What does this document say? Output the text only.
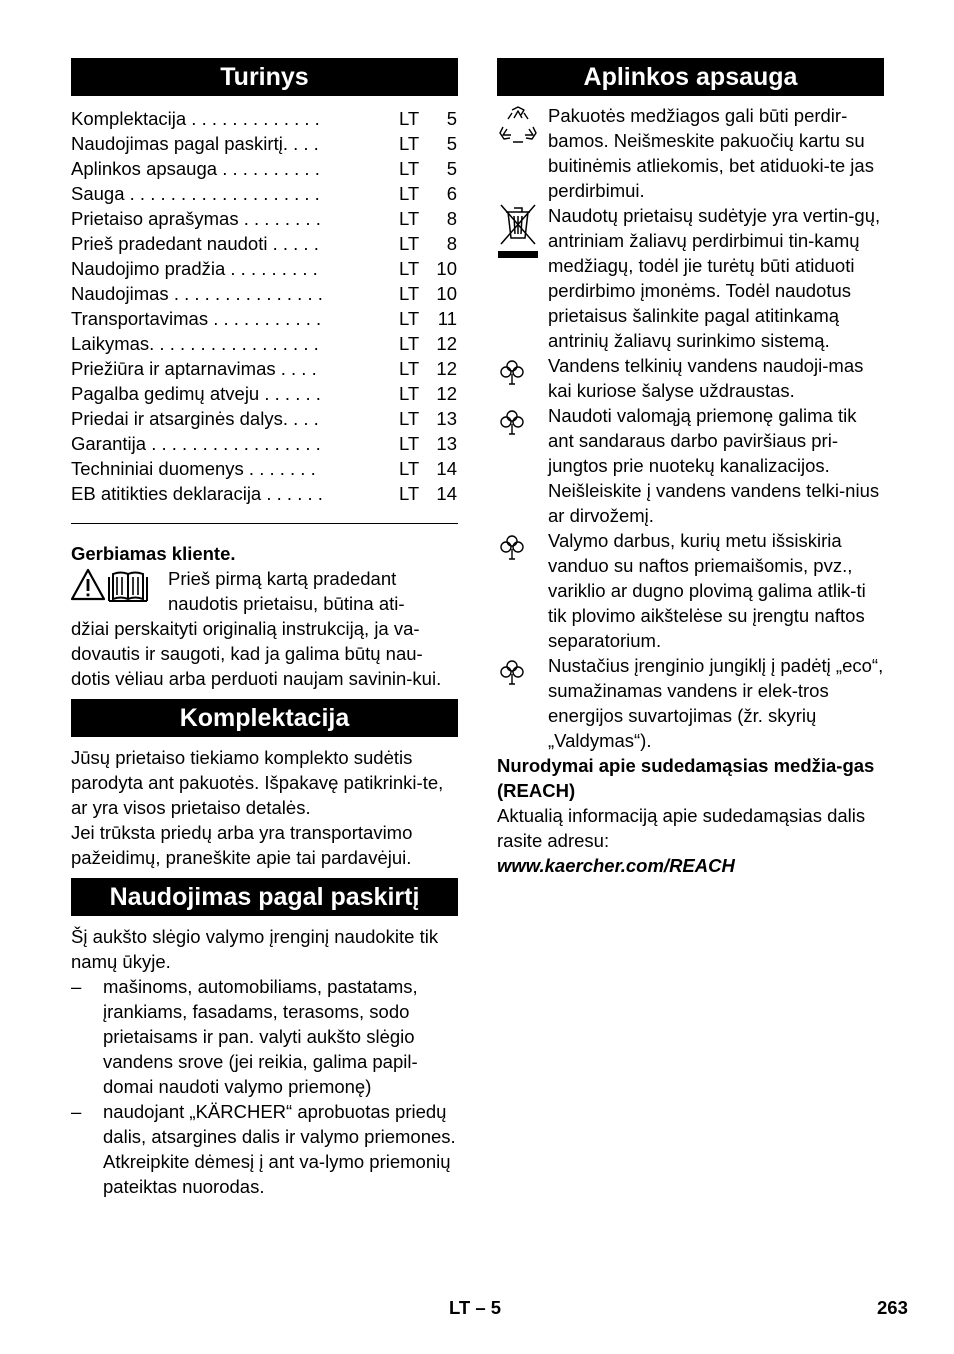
Turinys
Komplektacija . . . . . . . . . . . . .	LT	5
Naudojimas pagal paskirtį. . . .	LT	5
Aplinkos apsauga . . . . . . . . . .	LT	5
Sauga . . . . . . . . . . . . . . . . . . .	LT	6
Prietaiso aprašymas . . . . . . . .	LT	8
Prieš pradedant naudoti . . . . .	LT	8
Naudojimo pradžia . . . . . . . . .	LT 10
Naudojimas . . . . . . . . . . . . . . .	LT 10
Transportavimas . . . . . . . . . . .	LT	11
Laikymas. . . . . . . . . . . . . . . . .	LT 12
Priežiūra ir aptarnavimas . . . .	LT 12
Pagalba gedimų atveju . . . . . .	LT 12
Priedai ir atsarginės dalys. . . .	LT 13
Garantija . . . . . . . . . . . . . . . . .	LT 13
Techniniai duomenys . . . . . . .	LT 14
EB atitikties deklaracija . . . . . .	LT 14

Gerbiamas kliente.

Prieš pirmą kartą pradedant

naudotis prietaisu, būtina ati-

džiai perskaityti originalią instrukciją, ja va-dovautis ir saugoti, kad ja galima būtų nau-dotis vėliau arba perduoti naujam savinin-kui.

Komplektacija

Jūsų prietaiso tiekiamo komplekto sudėtis parodyta ant pakuotės. Išpakavę patikrinki-te, ar yra visos prietaiso detalės.

Jei trūksta priedų arba yra transportavimo pažeidimų, praneškite apie tai pardavėjui.

Naudojimas pagal paskirtį

Šį aukšto slėgio valymo įrenginį naudokite tik namų ūkyje.

– mašinoms, automobiliams, pastatams, įrankiams, fasadams, terasoms, sodo prietaisams ir pan. valyti aukšto slėgio vandens srove (jei reikia, galima papil-domai naudoti valymo priemonę)
– naudojant „KÄRCHER“ aprobuotas priedų dalis, atsargines dalis ir valymo priemones. Atkreipkite dėmesį į ant va-lymo priemonių pateiktas nuorodas.
Aplinkos apsauga

Pakuotės medžiagos gali būti perdir-bamos. Neišmeskite pakuočių kartu su buitinėmis atliekomis, bet atiduoki-te jas perdirbimui.

Naudotų prietaisų sudėtyje yra vertin-gų, antriniam žaliavų perdirbimui tin-kamų medžiagų, todėl jie turėtų būti atiduoti perdirbimo įmonėms. Todėl naudotus prietaisus šalinkite pagal atitinkamą antrinių žaliavų surinkimo sistemą.

Vandens telkinių vandens naudoji-mas kai kuriose šalyse uždraustas.

Naudoti valomąją priemonę galima tik ant sandaraus darbo paviršiaus pri-jungtos prie nuotekų kanalizacijos. Neišleiskite į vandens vandens telki-nius ar dirvožemį.

Valymo darbus, kurių metu išsiskiria vanduo su naftos priemaišomis, pvz., variklio ar dugno plovimą galima atlik-ti tik plovimo aikštelėse su įrengtu naftos separatorium.

Nustačius įrenginio jungiklį į padėtį „eco“, sumažinamas vandens ir elek-tros energijos suvartojimas (žr. skyrių „Valdymas“).

Nurodymai apie sudedamąsias medžia-gas (REACH)

Aktualią informaciją apie sudedamąsias dalis rasite adresu:

www.kaercher.com/REACH

LT – 5	263
